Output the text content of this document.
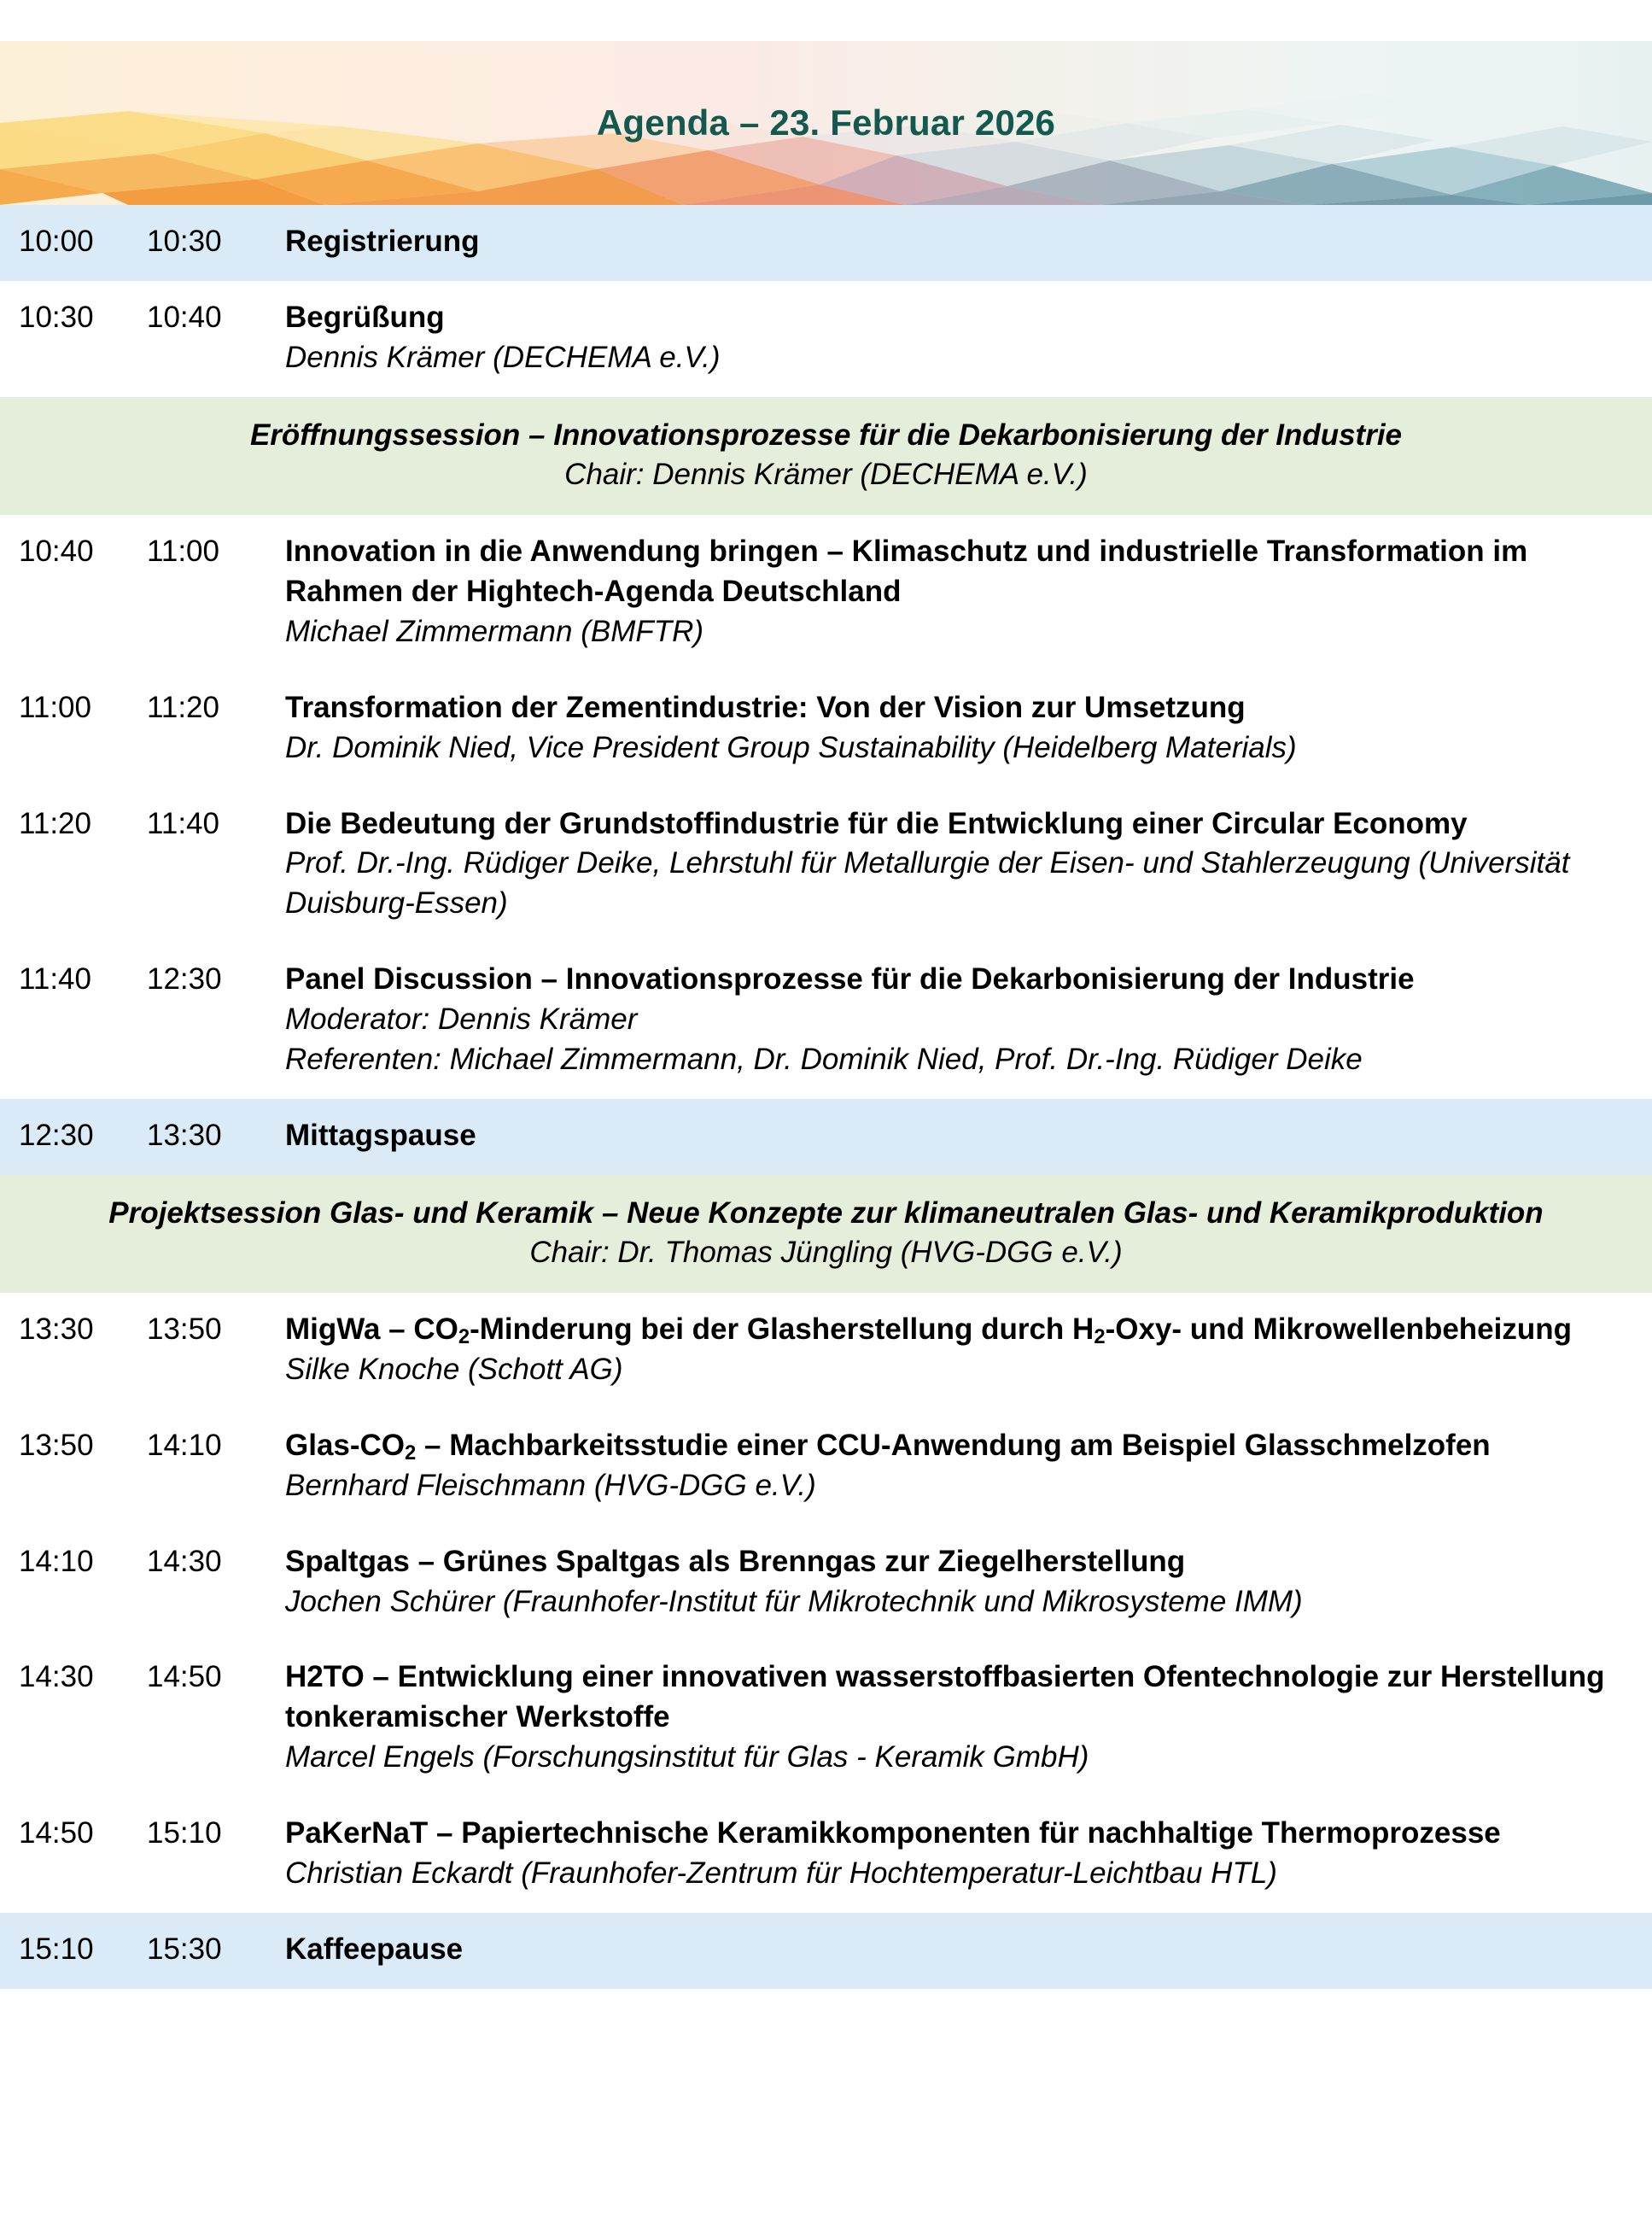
Agenda – 23. Februar 2026
10:00	10:30	Registrierung

10:30	10:40	Begrüßung
Dennis Krämer (DECHEMA e.V.)

Eröffnungssession – Innovationsprozesse für die Dekarbonisierung der Industrie
Chair: Dennis Krämer (DECHEMA e.V.)		

10:40	11:00	Innovation in die Anwendung bringen – Klimaschutz und industrielle Transformation im Rahmen der Hightech-Agenda Deutschland
Michael Zimmermann (BMFTR)

11:00	11:20	Transformation der Zementindustrie: Von der Vision zur Umsetzung
Dr. Dominik Nied, Vice President Group Sustainability (Heidelberg Materials)

11:20	11:40	Die Bedeutung der Grundstoffindustrie für die Entwicklung einer Circular Economy
Prof. Dr.-Ing. Rüdiger Deike, Lehrstuhl für Metallurgie der Eisen- und Stahlerzeugung (Universität Duisburg-Essen)

11:40	12:30	Panel Discussion – Innovationsprozesse für die Dekarbonisierung der Industrie
Moderator: Dennis Krämer
Referenten: Michael Zimmermann, Dr. Dominik Nied, Prof. Dr.-Ing. Rüdiger Deike

12:30	13:30	Mittagspause

Projektsession Glas- und Keramik – Neue Konzepte zur klimaneutralen Glas- und Keramikproduktion
Chair: Dr. Thomas Jüngling (HVG-DGG e.V.)		

13:30	13:50	MigWa – $CO_2$-Minderung bei der Glasherstellung durch $H_2-Oxy-$ und Mikrowellenbeheizung
Silke Knoche (Schott AG)

13:50	14:10	Glas-$CO_2$ – Machbarkeitsstudie einer CCU-Anwendung am Beispiel Glasschmelzofen
Bernhard Fleischmann (HVG-DGG e.V.)

14:10	14:30	Spaltgas – Grünes Spaltgas als Brenngas zur Ziegelherstellung
Jochen Schürer (Fraunhofer-Institut für Mikrotechnik und Mikrosysteme IMM)

14:30	14:50	H2TO – Entwicklung einer innovativen wasserstoffbasierten Ofentechnologie zur Herstellung tonkeramischer Werkstoffe
Marcel Engels (Forschungsinstitut für Glas - Keramik GmbH)

14:50	15:10	PaKerNaT – Papiertechnische Keramikkomponenten für nachhaltige Thermoprozesse
Christian Eckardt (Fraunhofer-Zentrum für Hochtemperatur-Leichtbau HTL)

15:10	15:30	Kaffeepause
